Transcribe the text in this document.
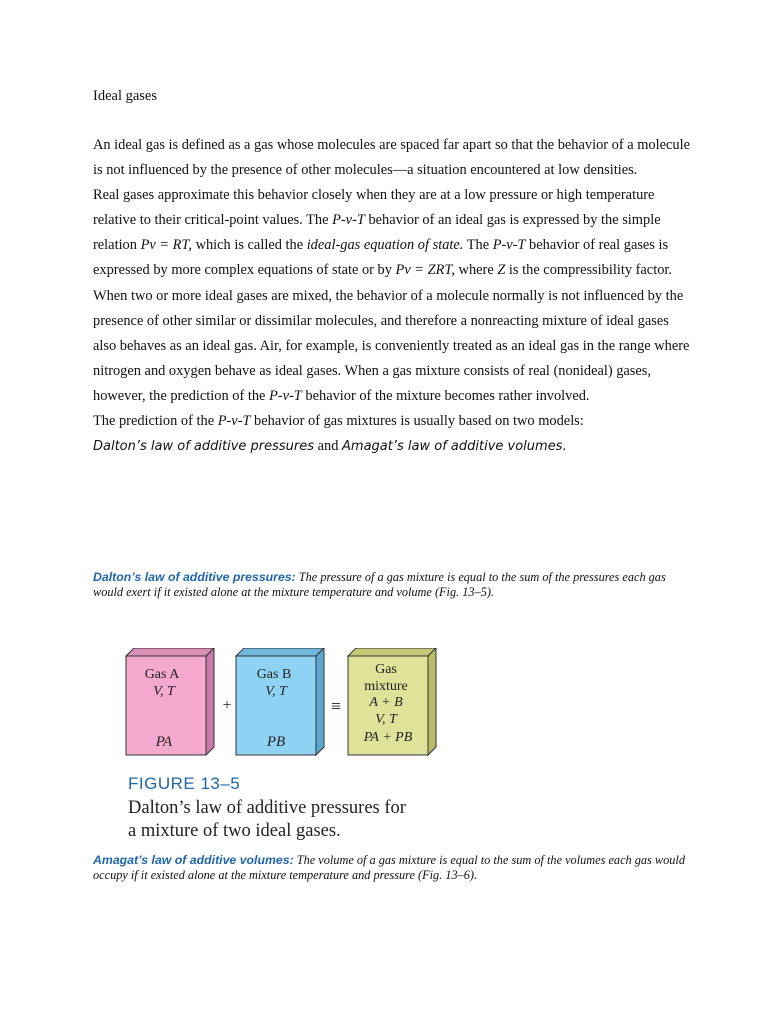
Ideal gases

An ideal gas is defined as a gas whose molecules are spaced far apart so that the behavior of a molecule is not influenced by the presence of other molecules—a situation encountered at low densities.

Real gases approximate this behavior closely when they are at a low pressure or high temperature relative to their critical-point values. The P-v-T behavior of an ideal gas is expressed by the simple relation Pv = RT, which is called the ideal-gas equation of state. The P-v-T behavior of real gases is expressed by more complex equations of state or by Pv = ZRT, where Z is the compressibility factor.

When two or more ideal gases are mixed, the behavior of a molecule normally is not influenced by the presence of other similar or dissimilar molecules, and therefore a nonreacting mixture of ideal gases also behaves as an ideal gas. Air, for example, is conveniently treated as an ideal gas in the range where nitrogen and oxygen behave as ideal gases. When a gas mixture consists of real (nonideal) gases, however, the prediction of the P-v-T behavior of the mixture becomes rather involved.

The prediction of the P-v-T behavior of gas mixtures is usually based on two models:

Dalton’s law of additive pressures and Amagat’s law of additive volumes.

Dalton’s law of additive pressures: The pressure of a gas mixture is equal to the sum of the pressures each gas would exert if it existed alone at the mixture temperature and volume (Fig. 13–5).
Gas A
V, T
PA
+
Gas B
V, T
PB
≡
Gas
mixture
A + B
V, T
PA + PB

FIGURE 13–5

Dalton’s law of additive pressures for
a mixture of two ideal gases.

Amagat’s law of additive volumes: The volume of a gas mixture is equal to the sum of the volumes each gas would occupy if it existed alone at the mixture temperature and pressure (Fig. 13–6).
